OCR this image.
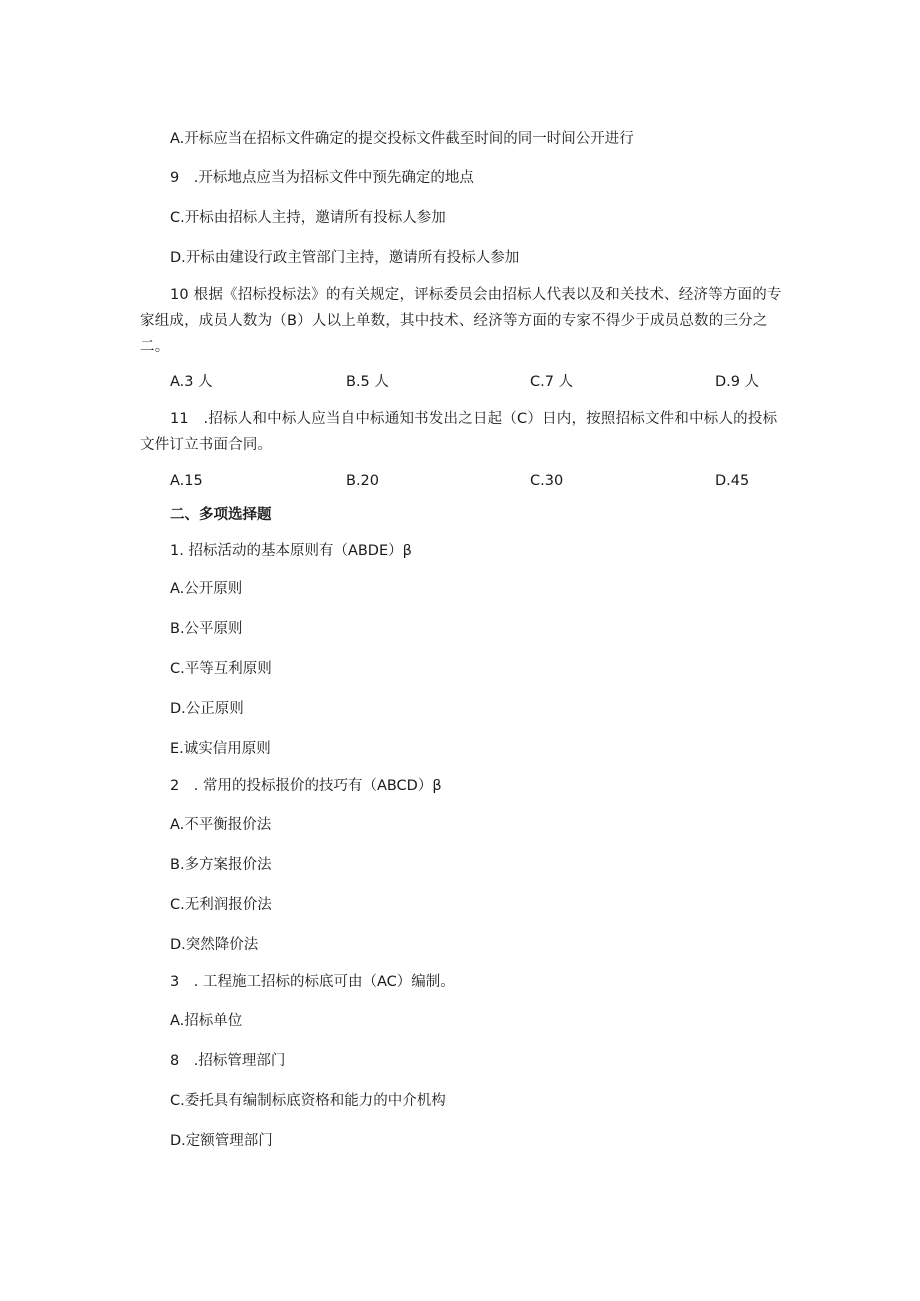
A.开标应当在招标文件确定的提交投标文件截至时间的同一时间公开进行
9　.开标地点应当为招标文件中预先确定的地点
C.开标由招标人主持，邀请所有投标人参加
D.开标由建设行政主管部门主持，邀请所有投标人参加
10 根据《招标投标法》的有关规定，评标委员会由招标人代表以及和关技术、经济等方面的专家组成，成员人数为（B）人以上单数，其中技术、经济等方面的专家不得少于成员总数的三分之二。
A.3 人	B.5 人	C.7 人	D.9 人
11　.招标人和中标人应当自中标通知书发出之日起（C）日内，按照招标文件和中标人的投标文件订立书面合同。
A.15	B.20	C.30	D.45
二、多项选择题
1. 招标活动的基本原则有（ABDE）β
A.公开原则
B.公平原则
C.平等互利原则
D.公正原则
E.诚实信用原则
2　. 常用的投标报价的技巧有（ABCD）β
A.不平衡报价法
B.多方案报价法
C.无利润报价法
D.突然降价法
3　. 工程施工招标的标底可由（AC）编制。
A.招标单位
8　.招标管理部门
C.委托具有编制标底资格和能力的中介机构
D.定额管理部门
